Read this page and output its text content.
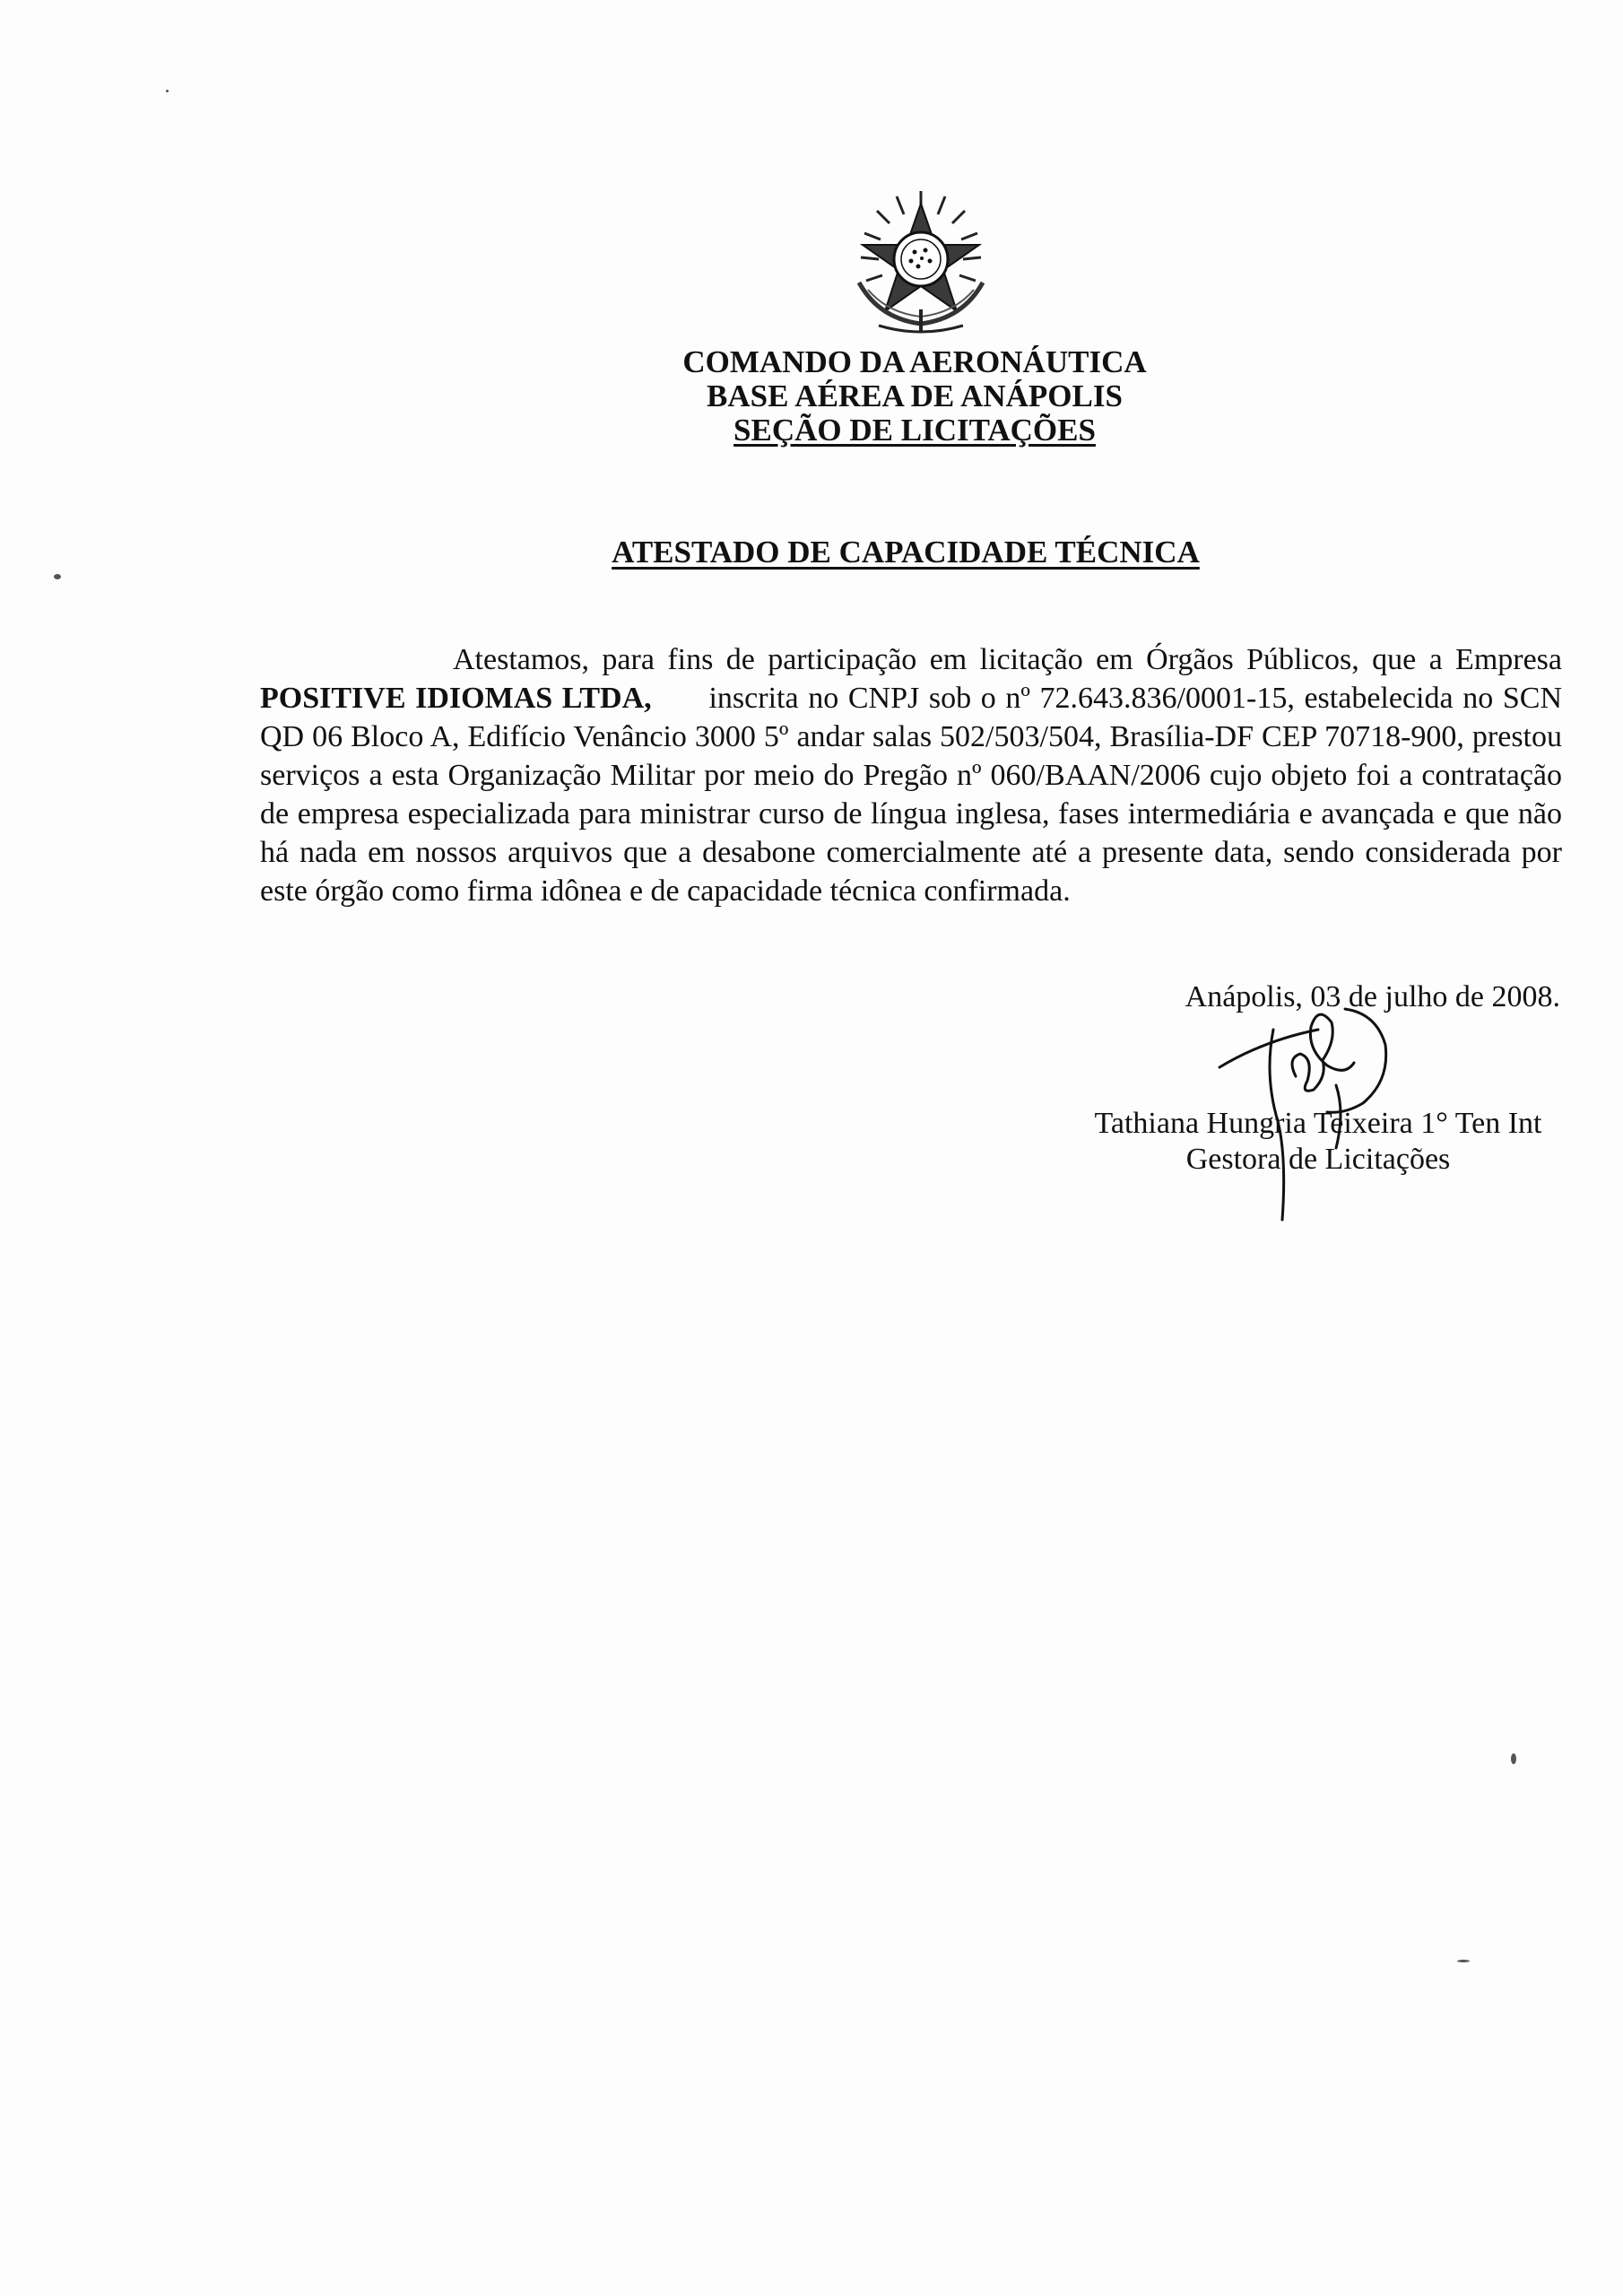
COMANDO DA AERONÁUTICA
BASE AÉREA DE ANÁPOLIS
SEÇÃO DE LICITAÇÕES
ATESTADO DE CAPACIDADE TÉCNICA
Atestamos, para fins de participação em licitação em Órgãos Públicos, que a Empresa POSITIVE IDIOMAS LTDA, inscrita no CNPJ sob o nº 72.643.836/0001-15, estabelecida no SCN QD 06 Bloco A, Edifício Venâncio 3000 5º andar salas 502/503/504, Brasília-DF CEP 70718-900, prestou serviços a esta Organização Militar por meio do Pregão nº 060/BAAN/2006 cujo objeto foi a contratação de empresa especializada para ministrar curso de língua inglesa, fases intermediária e avançada e que não há nada em nossos arquivos que a desabone comercialmente até a presente data, sendo considerada por este órgão como firma idônea e de capacidade técnica confirmada.
Anápolis, 03 de julho de 2008.
Tathiana Hungria Teixeira 1° Ten Int
Gestora de Licitações
